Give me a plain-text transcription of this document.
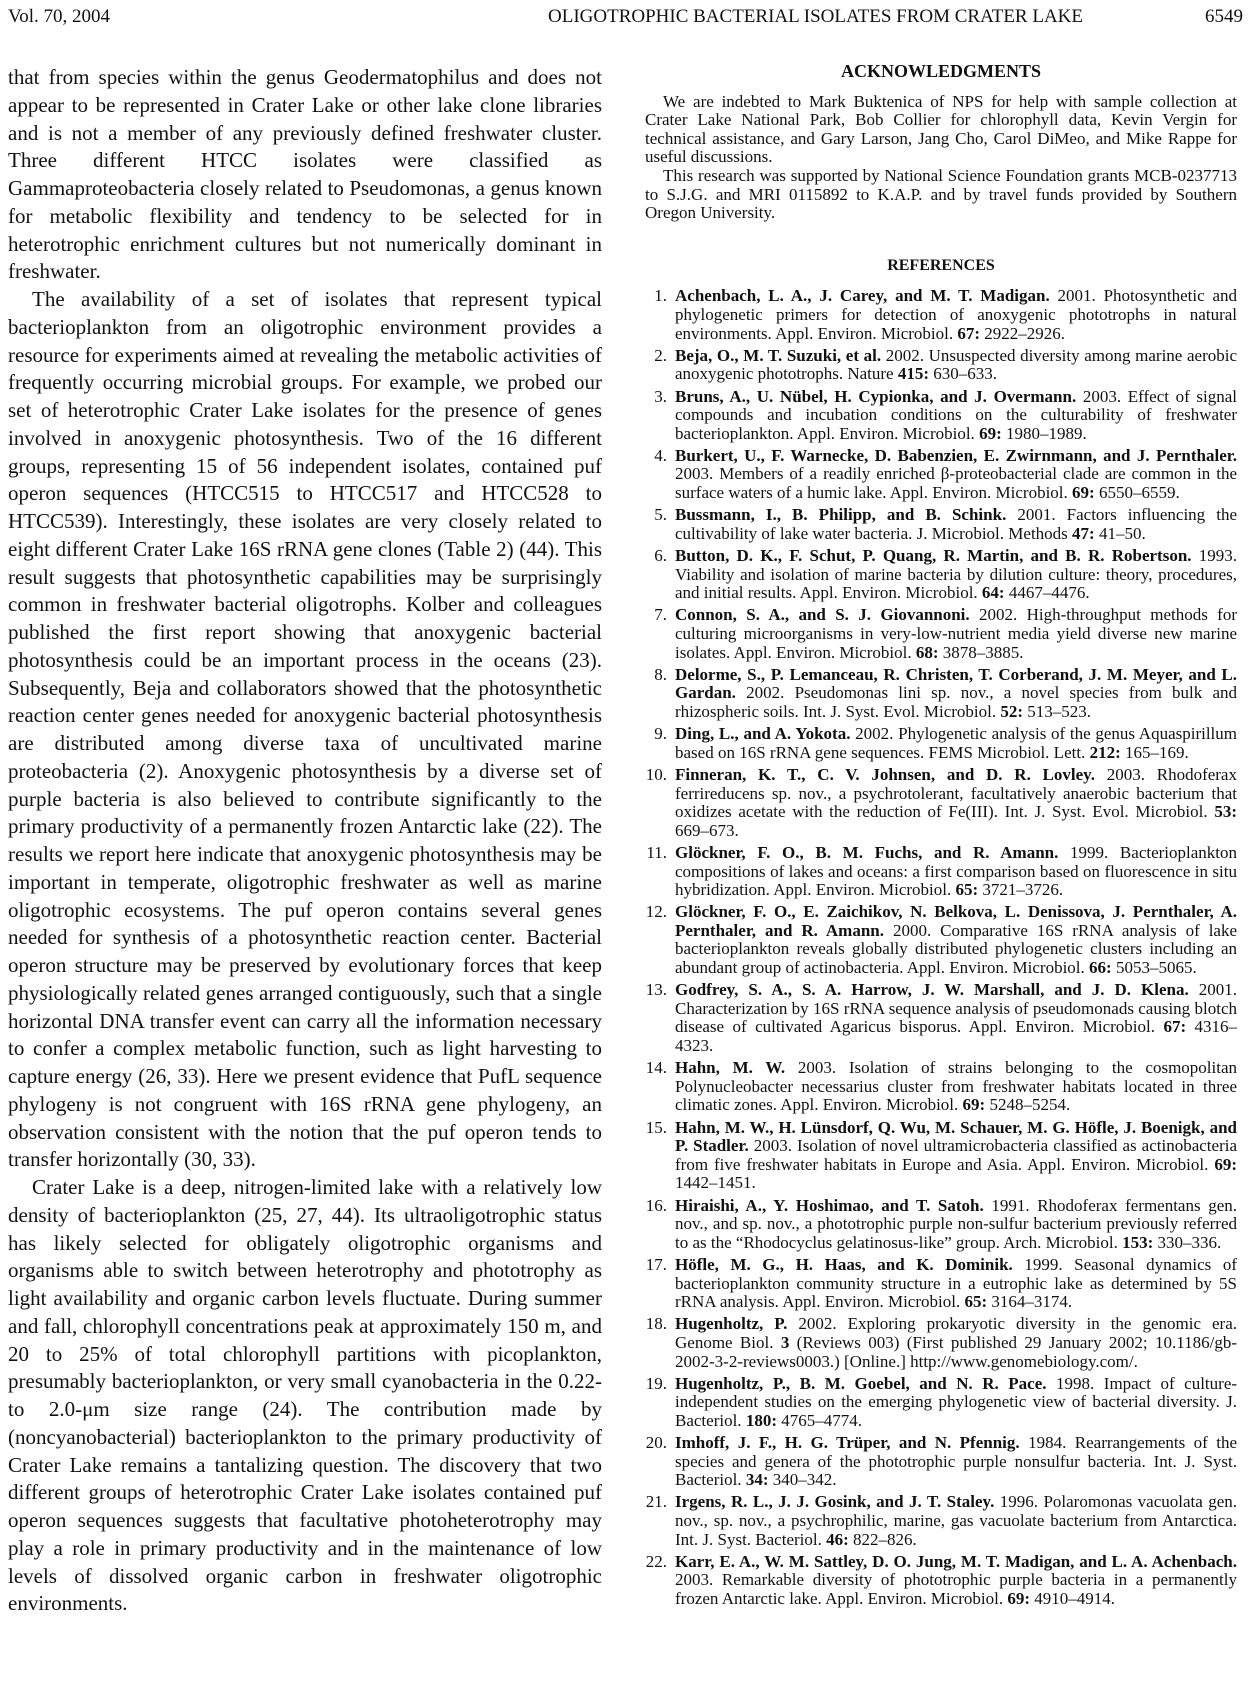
Vol. 70, 2004	OLIGOTROPHIC BACTERIAL ISOLATES FROM CRATER LAKE	6549

that from species within the genus Geodermatophilus and does not appear to be represented in Crater Lake or other lake clone libraries and is not a member of any previously defined freshwater cluster. Three different HTCC isolates were classified as Gammaproteobacteria closely related to Pseudomonas, a genus known for metabolic flexibility and tendency to be selected for in heterotrophic enrichment cultures but not numerically dominant in freshwater.

The availability of a set of isolates that represent typical bacterioplankton from an oligotrophic environment provides a resource for experiments aimed at revealing the metabolic activities of frequently occurring microbial groups. For example, we probed our set of heterotrophic Crater Lake isolates for the presence of genes involved in anoxygenic photosynthesis. Two of the 16 different groups, representing 15 of 56 independent isolates, contained puf operon sequences (HTCC515 to HTCC517 and HTCC528 to HTCC539). Interestingly, these isolates are very closely related to eight different Crater Lake 16S rRNA gene clones (Table 2) (44). This result suggests that photosynthetic capabilities may be surprisingly common in freshwater bacterial oligotrophs. Kolber and colleagues published the first report showing that anoxygenic bacterial photosynthesis could be an important process in the oceans (23). Subsequently, Beja and collaborators showed that the photosynthetic reaction center genes needed for anoxygenic bacterial photosynthesis are distributed among diverse taxa of uncultivated marine proteobacteria (2). Anoxygenic photosynthesis by a diverse set of purple bacteria is also believed to contribute significantly to the primary productivity of a permanently frozen Antarctic lake (22). The results we report here indicate that anoxygenic photosynthesis may be important in temperate, oligotrophic freshwater as well as marine oligotrophic ecosystems. The puf operon contains several genes needed for synthesis of a photosynthetic reaction center. Bacterial operon structure may be preserved by evolutionary forces that keep physiologically related genes arranged contiguously, such that a single horizontal DNA transfer event can carry all the information necessary to confer a complex metabolic function, such as light harvesting to capture energy (26, 33). Here we present evidence that PufL sequence phylogeny is not congruent with 16S rRNA gene phylogeny, an observation consistent with the notion that the puf operon tends to transfer horizontally (30, 33).

Crater Lake is a deep, nitrogen-limited lake with a relatively low density of bacterioplankton (25, 27, 44). Its ultraoligotrophic status has likely selected for obligately oligotrophic organisms and organisms able to switch between heterotrophy and phototrophy as light availability and organic carbon levels fluctuate. During summer and fall, chlorophyll concentrations peak at approximately 150 m, and 20 to 25% of total chlorophyll partitions with picoplankton, presumably bacterioplankton, or very small cyanobacteria in the 0.22- to 2.0-μm size range (24). The contribution made by (noncyanobacterial) bacterioplankton to the primary productivity of Crater Lake remains a tantalizing question. The discovery that two different groups of heterotrophic Crater Lake isolates contained puf operon sequences suggests that facultative photoheterotrophy may play a role in primary productivity and in the maintenance of low levels of dissolved organic carbon in freshwater oligotrophic environments.

ACKNOWLEDGMENTS

We are indebted to Mark Buktenica of NPS for help with sample collection at Crater Lake National Park, Bob Collier for chlorophyll data, Kevin Vergin for technical assistance, and Gary Larson, Jang Cho, Carol DiMeo, and Mike Rappe for useful discussions.

This research was supported by National Science Foundation grants MCB-0237713 to S.J.G. and MRI 0115892 to K.A.P. and by travel funds provided by Southern Oregon University.

REFERENCES
1. Achenbach, L. A., J. Carey, and M. T. Madigan. 2001. Photosynthetic and phylogenetic primers for detection of anoxygenic phototrophs in natural environments. Appl. Environ. Microbiol. 67: 2922–2926.
2. Beja, O., M. T. Suzuki, et al. 2002. Unsuspected diversity among marine aerobic anoxygenic phototrophs. Nature 415: 630–633.
3. Bruns, A., U. Nübel, H. Cypionka, and J. Overmann. 2003. Effect of signal compounds and incubation conditions on the culturability of freshwater bacterioplankton. Appl. Environ. Microbiol. 69: 1980–1989.
4. Burkert, U., F. Warnecke, D. Babenzien, E. Zwirnmann, and J. Pernthaler. 2003. Members of a readily enriched β-proteobacterial clade are common in the surface waters of a humic lake. Appl. Environ. Microbiol. 69: 6550–6559.
5. Bussmann, I., B. Philipp, and B. Schink. 2001. Factors influencing the cultivability of lake water bacteria. J. Microbiol. Methods 47: 41–50.
6. Button, D. K., F. Schut, P. Quang, R. Martin, and B. R. Robertson. 1993. Viability and isolation of marine bacteria by dilution culture: theory, procedures, and initial results. Appl. Environ. Microbiol. 64: 4467–4476.
7. Connon, S. A., and S. J. Giovannoni. 2002. High-throughput methods for culturing microorganisms in very-low-nutrient media yield diverse new marine isolates. Appl. Environ. Microbiol. 68: 3878–3885.
8. Delorme, S., P. Lemanceau, R. Christen, T. Corberand, J. M. Meyer, and L. Gardan. 2002. Pseudomonas lini sp. nov., a novel species from bulk and rhizospheric soils. Int. J. Syst. Evol. Microbiol. 52: 513–523.
9. Ding, L., and A. Yokota. 2002. Phylogenetic analysis of the genus Aquaspirillum based on 16S rRNA gene sequences. FEMS Microbiol. Lett. 212: 165–169.
10. Finneran, K. T., C. V. Johnsen, and D. R. Lovley. 2003. Rhodoferax ferrireducens sp. nov., a psychrotolerant, facultatively anaerobic bacterium that oxidizes acetate with the reduction of Fe(III). Int. J. Syst. Evol. Microbiol. 53: 669–673.
11. Glöckner, F. O., B. M. Fuchs, and R. Amann. 1999. Bacterioplankton compositions of lakes and oceans: a first comparison based on fluorescence in situ hybridization. Appl. Environ. Microbiol. 65: 3721–3726.
12. Glöckner, F. O., E. Zaichikov, N. Belkova, L. Denissova, J. Pernthaler, A. Pernthaler, and R. Amann. 2000. Comparative 16S rRNA analysis of lake bacterioplankton reveals globally distributed phylogenetic clusters including an abundant group of actinobacteria. Appl. Environ. Microbiol. 66: 5053–5065.
13. Godfrey, S. A., S. A. Harrow, J. W. Marshall, and J. D. Klena. 2001. Characterization by 16S rRNA sequence analysis of pseudomonads causing blotch disease of cultivated Agaricus bisporus. Appl. Environ. Microbiol. 67: 4316–4323.
14. Hahn, M. W. 2003. Isolation of strains belonging to the cosmopolitan Polynucleobacter necessarius cluster from freshwater habitats located in three climatic zones. Appl. Environ. Microbiol. 69: 5248–5254.
15. Hahn, M. W., H. Lünsdorf, Q. Wu, M. Schauer, M. G. Höfle, J. Boenigk, and P. Stadler. 2003. Isolation of novel ultramicrobacteria classified as actinobacteria from five freshwater habitats in Europe and Asia. Appl. Environ. Microbiol. 69: 1442–1451.
16. Hiraishi, A., Y. Hoshimao, and T. Satoh. 1991. Rhodoferax fermentans gen. nov., and sp. nov., a phototrophic purple non-sulfur bacterium previously referred to as the “Rhodocyclus gelatinosus-like” group. Arch. Microbiol. 153: 330–336.
17. Höfle, M. G., H. Haas, and K. Dominik. 1999. Seasonal dynamics of bacterioplankton community structure in a eutrophic lake as determined by 5S rRNA analysis. Appl. Environ. Microbiol. 65: 3164–3174.
18. Hugenholtz, P. 2002. Exploring prokaryotic diversity in the genomic era. Genome Biol. 3 (Reviews 003) (First published 29 January 2002; 10.1186/gb-2002-3-2-reviews0003.) [Online.] http://www.genomebiology.com/.
19. Hugenholtz, P., B. M. Goebel, and N. R. Pace. 1998. Impact of culture-independent studies on the emerging phylogenetic view of bacterial diversity. J. Bacteriol. 180: 4765–4774.
20. Imhoff, J. F., H. G. Trüper, and N. Pfennig. 1984. Rearrangements of the species and genera of the phototrophic purple nonsulfur bacteria. Int. J. Syst. Bacteriol. 34: 340–342.
21. Irgens, R. L., J. J. Gosink, and J. T. Staley. 1996. Polaromonas vacuolata gen. nov., sp. nov., a psychrophilic, marine, gas vacuolate bacterium from Antarctica. Int. J. Syst. Bacteriol. 46: 822–826.
22. Karr, E. A., W. M. Sattley, D. O. Jung, M. T. Madigan, and L. A. Achenbach. 2003. Remarkable diversity of phototrophic purple bacteria in a permanently frozen Antarctic lake. Appl. Environ. Microbiol. 69: 4910–4914.
